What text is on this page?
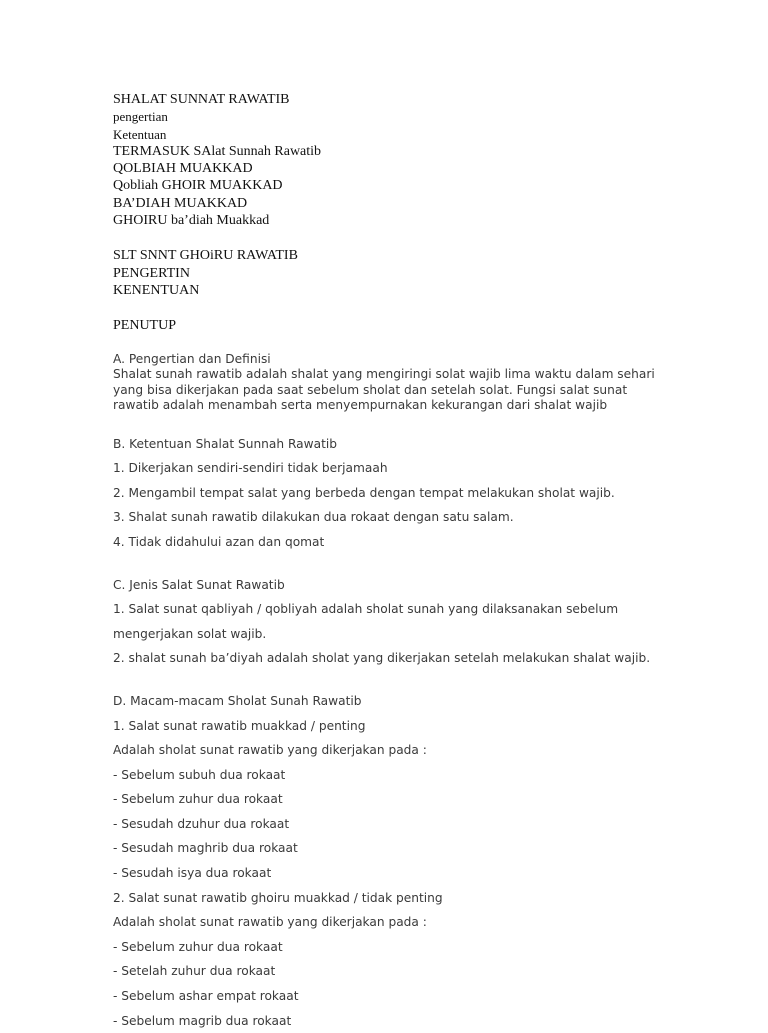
SHALAT SUNNAT RAWATIB
pengertian
Ketentuan
TERMASUK SAlat Sunnah Rawatib
QOLBIAH MUAKKAD
Qobliah GHOIR MUAKKAD
BA’DIAH MUAKKAD
GHOIRU ba’diah Muakkad
SLT SNNT GHOiRU RAWATIB
PENGERTIN
KENENTUAN
PENUTUP
A. Pengertian dan Definisi
Shalat sunah rawatib adalah shalat yang mengiringi solat wajib lima waktu dalam sehari
yang bisa dikerjakan pada saat sebelum sholat dan setelah solat. Fungsi salat sunat
rawatib adalah menambah serta menyempurnakan kekurangan dari shalat wajib
B. Ketentuan Shalat Sunnah Rawatib
1. Dikerjakan sendiri-sendiri tidak berjamaah
2. Mengambil tempat salat yang berbeda dengan tempat melakukan sholat wajib.
3. Shalat sunah rawatib dilakukan dua rokaat dengan satu salam.
4. Tidak didahului azan dan qomat
C. Jenis Salat Sunat Rawatib
1. Salat sunat qabliyah / qobliyah adalah sholat sunah yang dilaksanakan sebelum
mengerjakan solat wajib.
2. shalat sunah ba’diyah adalah sholat yang dikerjakan setelah melakukan shalat wajib.
D. Macam-macam Sholat Sunah Rawatib
1. Salat sunat rawatib muakkad / penting
Adalah sholat sunat rawatib yang dikerjakan pada :
- Sebelum subuh dua rokaat
- Sebelum zuhur dua rokaat
- Sesudah dzuhur dua rokaat
- Sesudah maghrib dua rokaat
- Sesudah isya dua rokaat
2. Salat sunat rawatib ghoiru muakkad / tidak penting
Adalah sholat sunat rawatib yang dikerjakan pada :
- Sebelum zuhur dua rokaat
- Setelah zuhur dua rokaat
- Sebelum ashar empat rokaat
- Sebelum magrib dua rokaat
